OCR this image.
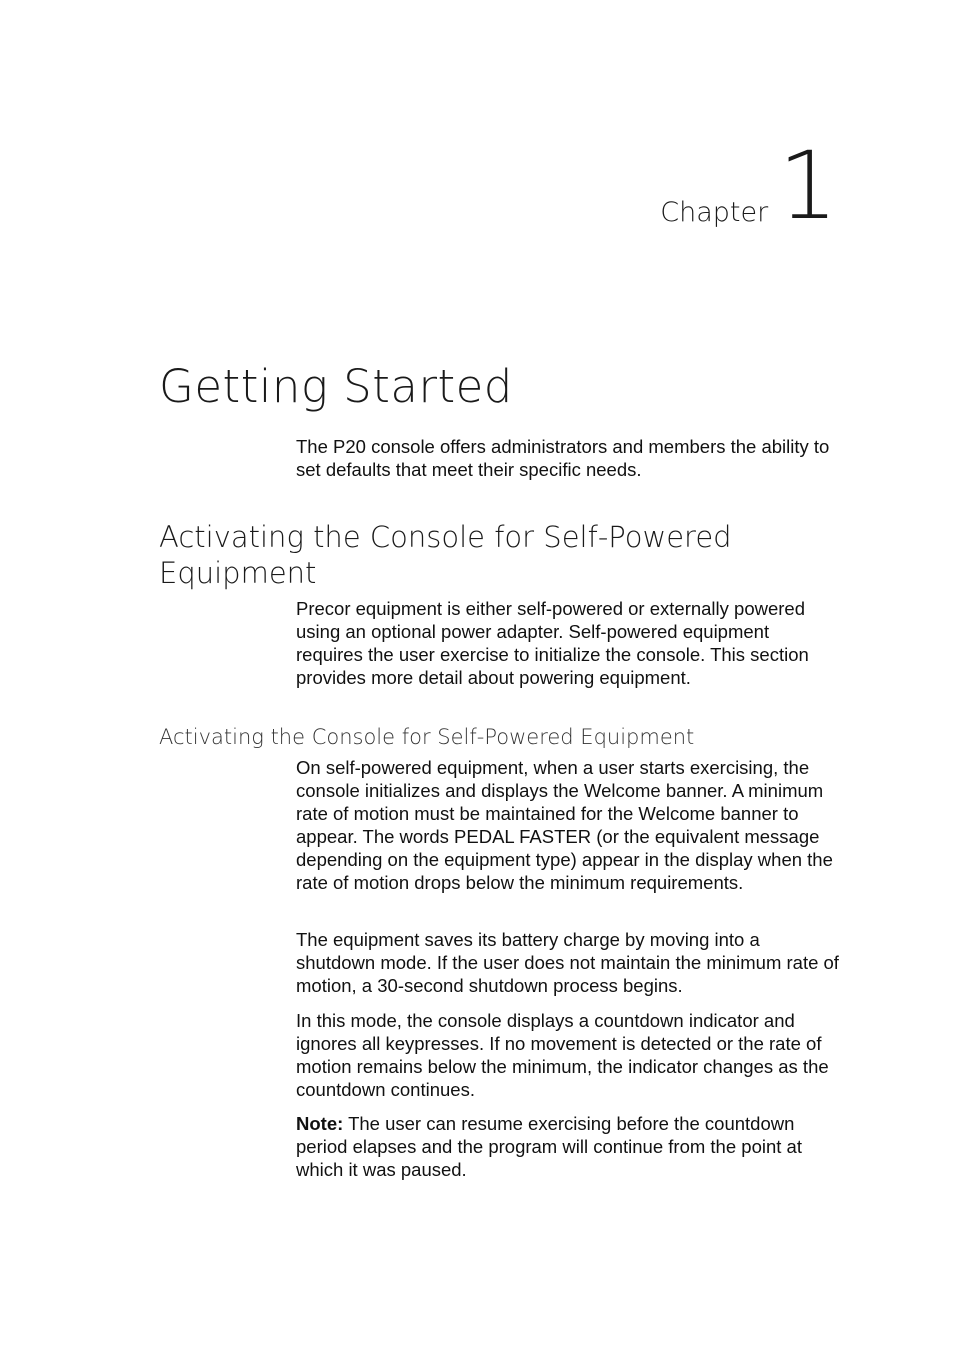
Chapter 1
Getting Started

The P20 console offers administrators and members the ability to set defaults that meet their specific needs.

Activating the Console for Self-Powered Equipment

Precor equipment is either self-powered or externally powered using an optional power adapter. Self-powered equipment requires the user exercise to initialize the console. This section provides more detail about powering equipment.

Activating the Console for Self-Powered Equipment

On self-powered equipment, when a user starts exercising, the console initializes and displays the Welcome banner. A minimum rate of motion must be maintained for the Welcome banner to appear. The words PEDAL FASTER (or the equivalent message depending on the equipment type) appear in the display when the rate of motion drops below the minimum requirements.

The equipment saves its battery charge by moving into a shutdown mode. If the user does not maintain the minimum rate of motion, a 30-second shutdown process begins.

In this mode, the console displays a countdown indicator and ignores all keypresses. If no movement is detected or the rate of motion remains below the minimum, the indicator changes as the countdown continues.

Note: The user can resume exercising before the countdown period elapses and the program will continue from the point at which it was paused.
